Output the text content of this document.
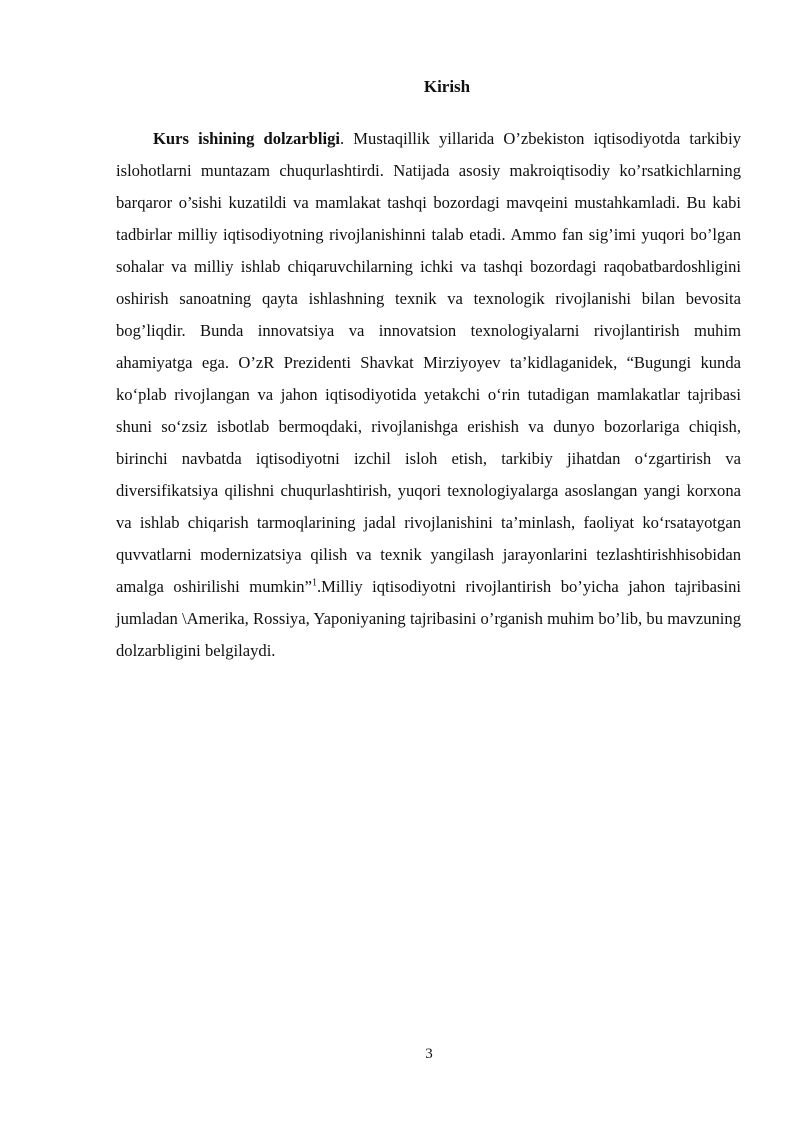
Kirish

Kurs ishining dolzarbligi. Mustaqillik yillarida O’zbekiston iqtisodiyotda tarkibiy islohotlarni muntazam chuqurlashtirdi. Natijada asosiy makroiqtisodiy ko’rsatkichlarning barqaror o’sishi kuzatildi va mamlakat tashqi bozordagi mavqeini mustahkamladi. Bu kabi tadbirlar milliy iqtisodiyotning rivojlanishinni talab etadi. Ammo fan sig’imi yuqori bo’lgan sohalar va milliy ishlab chiqaruvchilarning ichki va tashqi bozordagi raqobatbardoshligini oshirish sanoatning qayta ishlashning texnik va texnologik rivojlanishi bilan bevosita bog’liqdir. Bunda innovatsiya va innovatsion texnologiyalarni rivojlantirish muhim ahamiyatga ega. O’zR Prezidenti Shavkat Mirziyoyev ta’kidlaganidek, “Bugungi kunda ko‘plab rivojlangan va jahon iqtisodiyotida yetakchi o‘rin tutadigan mamlakatlar tajribasi shuni so‘zsiz isbotlab bermoqdaki, rivojlanishga erishish va dunyo bozorlariga chiqish, birinchi navbatda iqtisodiyotni izchil isloh etish, tarkibiy jihatdan o‘zgartirish va diversifikatsiya qilishni chuqurlashtirish, yuqori texnologiyalarga asoslangan yangi korxona va ishlab chiqarish tarmoqlarining jadal rivojlanishini ta’minlash, faoliyat ko‘rsatayotgan quvvatlarni modernizatsiya qilish va texnik yangilash jarayonlarini tezlashtirishhisobidan amalga oshirilishi mumkin”$^1$.Milliy iqtisodiyotni rivojlantirish bo’yicha jahon tajribasini jumladan \Amerika, Rossiya, Yaponiyaning tajribasini o’rganish muhim bo’lib, bu mavzuning dolzarbligini belgilaydi.

3
